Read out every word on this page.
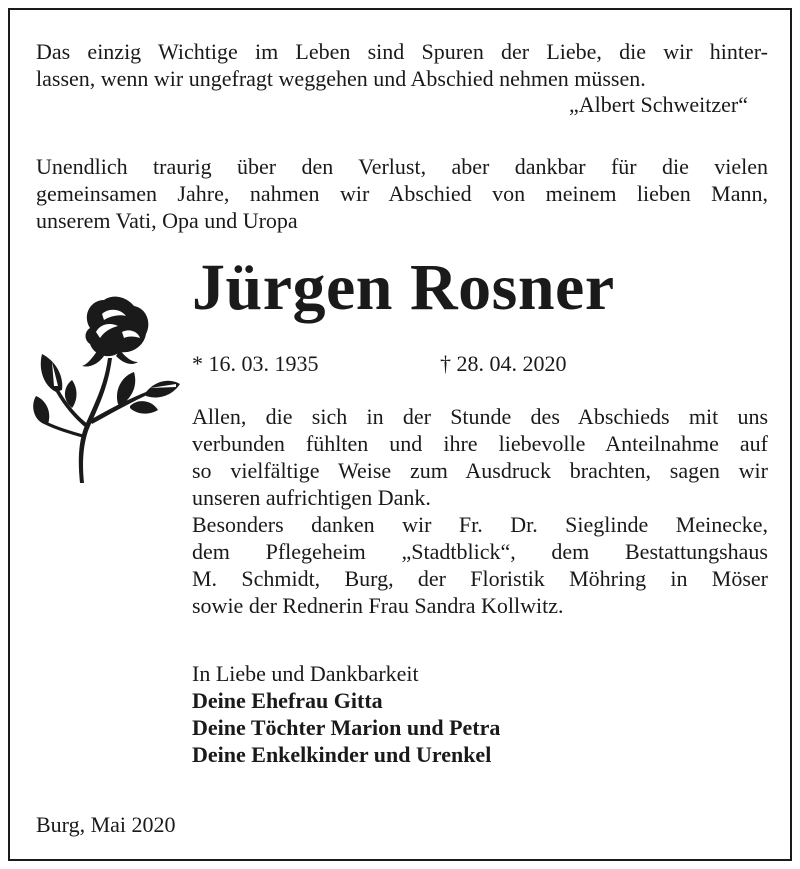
Das einzig Wichtige im Leben sind Spuren der Liebe, die wir hinter-
lassen, wenn wir ungefragt weggehen und Abschied nehmen müssen.
„Albert Schweitzer“
Unendlich traurig über den Verlust, aber dankbar für die vielen
gemeinsamen Jahre, nahmen wir Abschied von meinem lieben Mann,
unserem Vati, Opa und Uropa
Jürgen Rosner
* 16. 03. 1935	† 28. 04. 2020
Allen, die sich in der Stunde des Abschieds mit uns
verbunden fühlten und ihre liebevolle Anteilnahme auf
so vielfältige Weise zum Ausdruck brachten, sagen wir
unseren aufrichtigen Dank.
Besonders danken wir Fr. Dr. Sieglinde Meinecke,
dem Pflegeheim „Stadtblick“, dem Bestattungshaus
M. Schmidt, Burg, der Floristik Möhring in Möser
sowie der Rednerin Frau Sandra Kollwitz.
In Liebe und Dankbarkeit
Deine Ehefrau Gitta
Deine Töchter Marion und Petra
Deine Enkelkinder und Urenkel
Burg, Mai 2020
